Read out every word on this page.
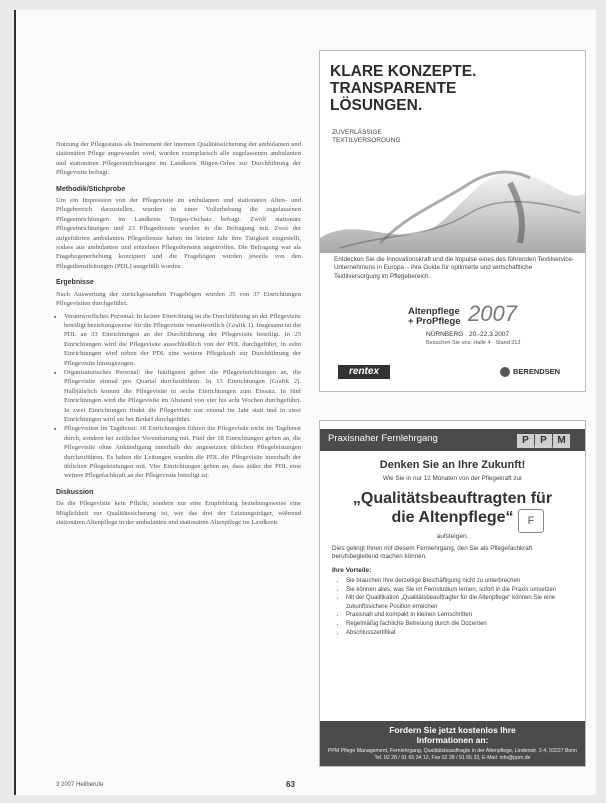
Nutzung der Pflegestatus als Instrument der internen Qualitätssicherung der ambulanten und stationären Pflege angewandet wird, wurden exemplarisch alle zugelassenen ambulanten und stationären Pflegeeinrichtungen im Landkreis Rügen-Orhre zur Durchführung der Pflegevisite befragt.

Methodik/Stichprobe

Um ein Impression von der Pflegevisite im ambulanten und stationären Alten- und Pflegebereich darzustellen, wurden in einer Vollerhebung die zugelassenen Pflegeeinrichtungen im Landkreis Torgau-Oschatz befragt. Zwölf stationäre Pflegeeinrichtungen und 23 Pflegedienste wurden in die Befragung mit. Zwei der aufgeführten ambulanten Pflegedienste haben im letzten Jahr ihre Tätigkeit eingestellt, sodass aus ambulanten und einzelnen Pflegediensten angetroffen. Die Befragung war als Fragebogenerhebung konzipiert und die Fragebögen wurden jeweils von den Pflegedienstleitungen (PDL) ausgefüllt worden.

Ergebnisse

Nach Auswertung der zurückgesandten Fragebögen wurden 35 von 37 Einrichtungen Pflegevisiten durchgeführt.

• Verantwortliches Personal: In keiner Einrichtung ist die Durchführung an der Pflegevisite beteiligt beziehungsweise für die Pflegevisite verantwortlich (Grafik 1). Insgesamt ist die PDL an 33 Einrichtungen an der Durchführung der Pflegevisite beteiligt. In 25 Einrichtungen wird die Pflegevisite ausschließlich von der PDL durchgeführt, in zehn Einrichtungen wird neben der PDL eine weitere Pflegekraft zur Durchführung der Pflegevisite hinzugezogen.
• Organisatorisches Personal: der häufigsten geben die Pflegeeinrichtungen an, die Pflegevisite einmal pro Quartal durchzuführen. In 13 Einrichtungen (Grafik 2). Halbjährlich kommt die Pflegevisite in sechs Einrichtungen zum Einsatz. In fünf Einrichtungen wird die Pflegevisite im Abstand von vier bis acht Wochen durchgeführt. In zwei Einrichtungen findet die Pflegevisite nur einmal im Jahr statt und in zwei Einrichtungen wird sie bei Bedarf durchgeführt.
• Pflegevisiten im Tagdienst: 18 Einrichtungen führen die Pflegevisite nicht im Tagdienst durch, sondern bei zeitlicher Vereinbarung mit. Fünf der 18 Einrichtungen geben an, die Pflegevisite ohne Ankündigung innerhalb der angesetzten üblichen Pflegeleistungen durchzuführen. Es haben die Leitungen wurden die PDL die Pflegevisite innerhalb der üblichen Pflegeleistungen mit. Vier Einrichtungen geben an, dass außer der PDL eine weitere Pflegefachkraft an der Pflegevisite beteiligt ist.
Diskussion

Da die Pflegevisite kein Pflicht, sondern nur eine Empfehlung beziehungsweise eine Möglichkeit zur Qualitätssicherung ist, wie das drei der Leistungsträger, während stationären Altenpflege in der ambulanten und stationären Altenpflege im Landkreis

3 2007 Heilberufe	63
KLARE KONZEPTE.
TRANSPARENTE
LÖSUNGEN.
ZUVERLÄSSIGE
TEXTILVERSORGUNG
Entdecken Sie die Innovationskraft und die Impulse eines des führenden Textilservice-Unternehmens in Europa – ihre Guide für optimierte und wirtschaftliche Textilversorgung im Pflegebereich.
Altenpflege
+ ProPflege 2007
NÜRNBERG · 20.-22.3.2007
Besuchen Sie uns: Halle 4 · Stand 313
rentex	BERENDSEN
Praxisnaher Fernlehrgang	P P M
AKADEMIE
Denken Sie an Ihre Zukunft!
Wie Sie in nur 12 Monaten von der Pflegekraft zur
„Qualitätsbeauftragten für
die Altenpflege“	F
aufsteigen.
Dies gelingt Ihnen mit diesem Fernlehrgang, den Sie als Pflegefachkraft berufsbegleitend machen können.
Ihre Vorteile:
• Sie brauchen Ihre derzeitige Beschäftigung nicht zu unterbrechen
• Sie können alles, was Sie im Fernstudium lernen, sofort in die Praxis umsetzen
• Mit der Qualifikation „Qualitätsbeauftragter für die Altenpflege“ können Sie eine zukunftssichere Position erreichen
• Praxisnah und kompakt in kleinen Lernschritten
• Regelmäßig fachliche Betreuung durch die Dozenten
• Abschlusszertifikat
Fordern Sie jetzt kostenlos Ihre
Informationen an:
PPM Pflege Management, Fernlehrgang, Qualitätsbeauftragte in der Altenpflege, Lindenstr. 2-4, 53227 Bonn
Tel. 02 28 / 91 65 34 12, Fax 02 28 / 91 65 33, E-Mail: info@ppm.de
